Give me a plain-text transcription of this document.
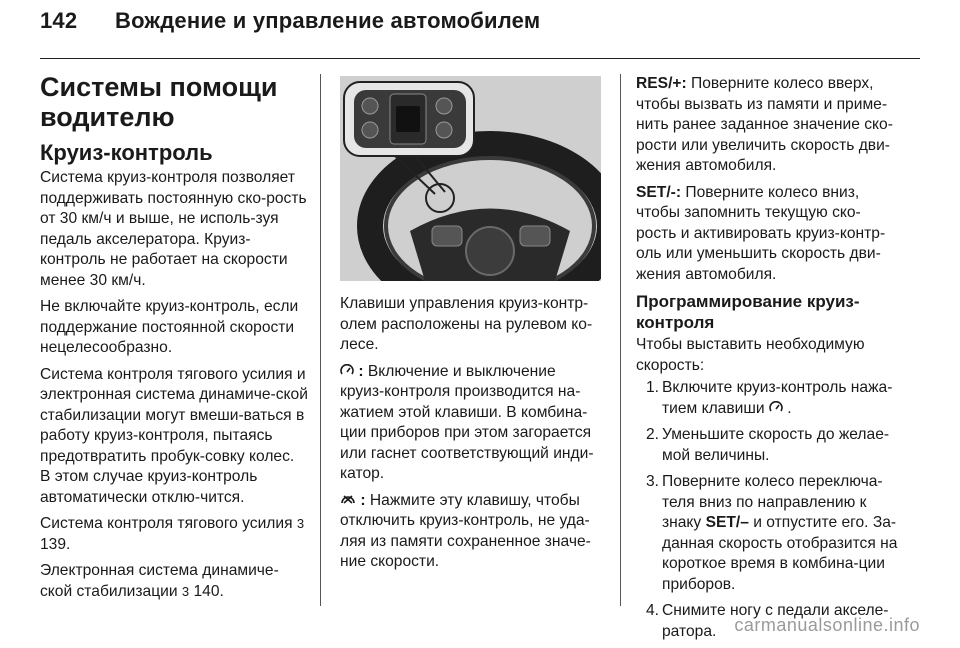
142 Вождение и управление автомобилем
Системы помощи водителю
Круиз-контроль

Система круиз-контроля позволяет поддерживать постоянную ско-рость от 30 км/ч и выше, не исполь-зуя педаль акселератора. Круиз-контроль не работает на скорости менее 30 км/ч.

Не включайте круиз-контроль, если поддержание постоянной скорости нецелесообразно.

Система контроля тягового усилия и электронная система динамиче-ской стабилизации могут вмеши-ваться в работу круиз-контроля, пытаясь предотвратить пробук-совку колес. В этом случае круиз-контроль автоматически отклю-чится.

Система контроля тягового усилия 3 139.

Электронная система динамиче-ской стабилизации 3 140.

Клавиши управления круиз-контр-олем расположены на рулевом ко-лесе.

: Включение и выключение круиз-контроля производится на-жатием этой клавиши. В комбина-ции приборов при этом загорается или гаснет соответствующий инди-катор.

: Нажмите эту клавишу, чтобы отключить круиз-контроль, не уда-ляя из памяти сохраненное значе-ние скорости.

RES/+: Поверните колесо вверх, чтобы вызвать из памяти и приме-нить ранее заданное значение ско-рости или увеличить скорость дви-жения автомобиля.

SET/-: Поверните колесо вниз, чтобы запомнить текущую ско-рость и активировать круиз-контр-оль или уменьшить скорость дви-жения автомобиля.

Программирование круиз-контроля

Чтобы выставить необходимую скорость:

1. Включите круиз-контроль нажа-тием клавиши .
2. Уменьшите скорость до желае-мой величины.
3. Поверните колесо переключа-теля вниз по направлению к знаку SET/– и отпустите его. За-данная скорость отобразится на короткое время в комбина-ции приборов.
4. Снимите ногу с педали акселе-ратора.	carmanualsonline.info
